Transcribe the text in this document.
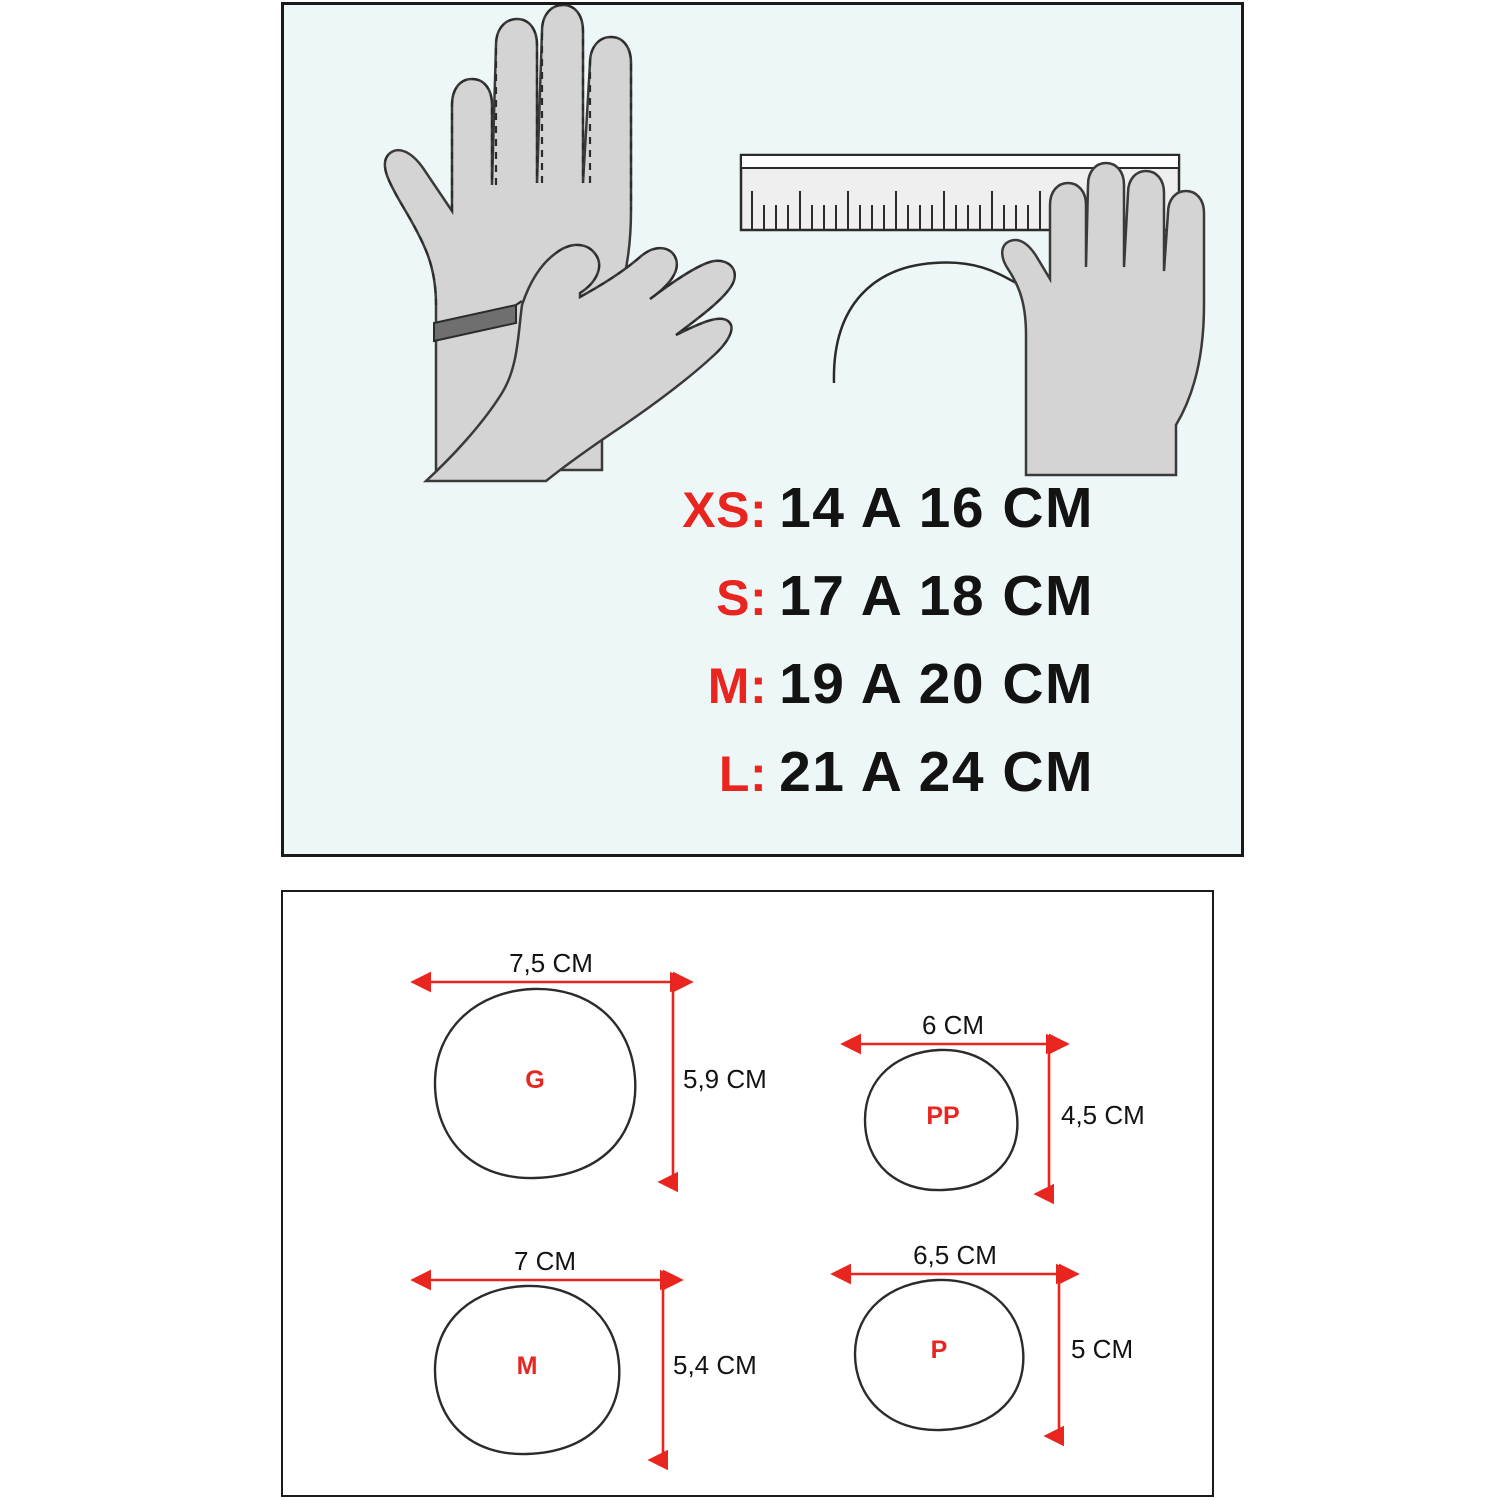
XS: 14 A 16 CM
S: 17 A 18 CM
M: 19 A 20 CM
L: 21 A 24 CM
G
7,5 CM
5,9 CM
PP
6 CM
4,5 CM
M
7 CM
5,4 CM	P
6,5 CM
5 CM
